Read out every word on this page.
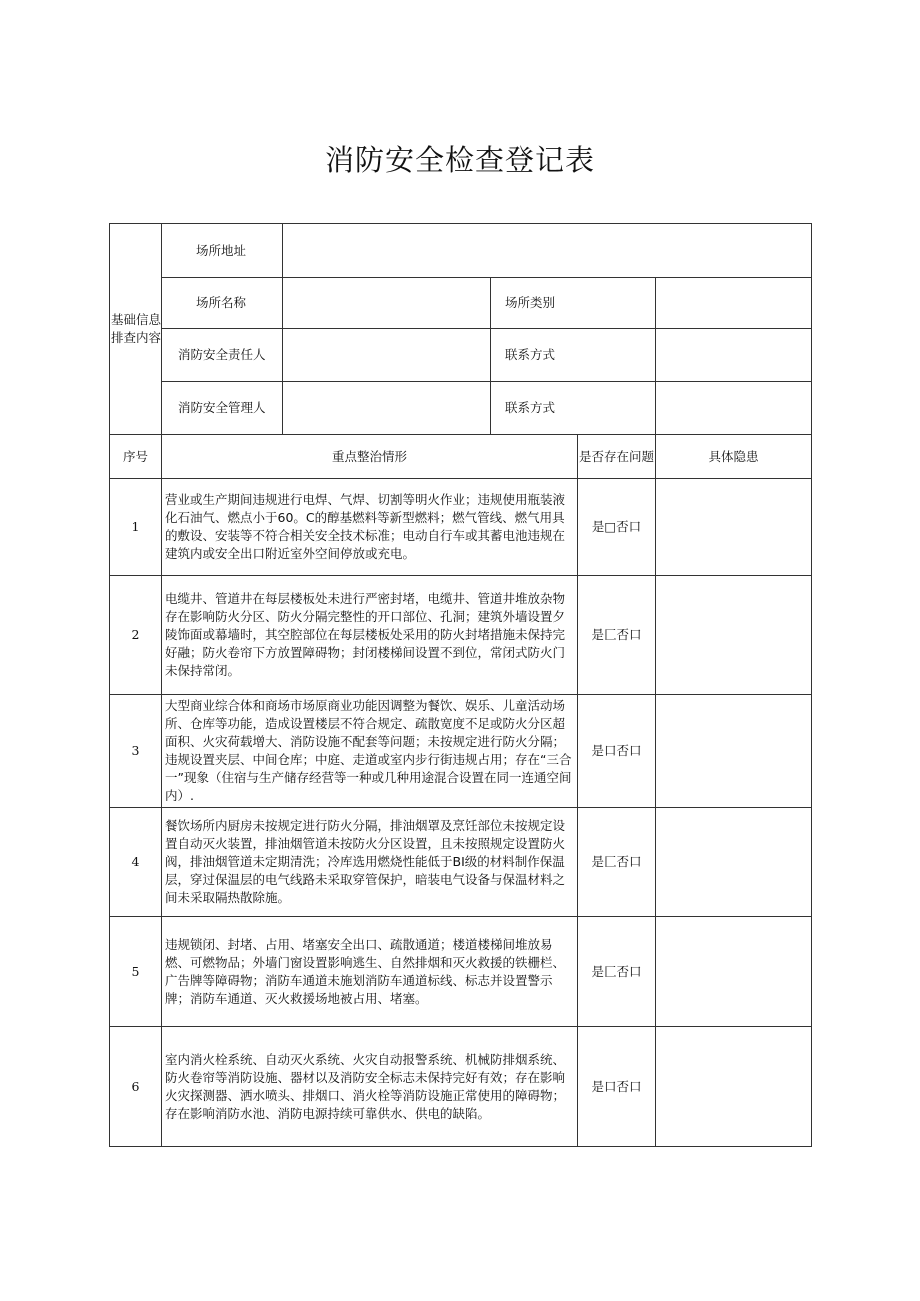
消防安全检查登记表
基础信息排查内容	场所地址				
	场所名称		场所类别		
	消防安全责任人		联系方式		
	消防安全管理人		联系方式		
序号	重点整治情形			是否存在问题	具体隐患
1	营业或生产期间违规进行电焊、气焊、切割等明火作业；违规使用瓶装液化石油气、燃点小于60。C的醇基燃料等新型燃料；燃气管线、燃气用具的敷设、安装等不符合相关安全技术标准；电动自行车或其蓄电池违规在建筑内或安全出口附近室外空间停放或充电。			是□否口	
2	电缆井、管道井在每层楼板处未进行严密封堵，电缆井、管道井堆放杂物存在影响防火分区、防火分隔完整性的开口部位、孔洞；建筑外墙设置夕陵饰面或幕墙时，其空腔部位在每层楼板处采用的防火封堵措施未保持完好融；防火卷帘下方放置障碍物；封闭楼梯间设置不到位，常闭式防火门未保持常闭。			是匚否口	
3	大型商业综合体和商场市场原商业功能因调整为餐饮、娱乐、儿童活动场所、仓库等功能，造成设置楼层不符合规定、疏散宽度不足或防火分区超面积、火灾荷载增大、消防设施不配套等问题；未按规定进行防火分隔；违规设置夹层、中间仓库；中庭、走道或室内步行街违规占用；存在“三合一”现象（住宿与生产储存经营等一种或几种用途混合设置在同一连通空间内）.			是口否口	
4	餐饮场所内厨房未按规定进行防火分隔，排油烟罩及烹饪部位未按规定设置自动灭火装置，排油烟管道未按防火分区设置，且未按照规定设置防火阀，排油烟管道未定期清洗；冷库选用燃烧性能低于BI级的材料制作保温层，穿过保温层的电气线路未采取穿管保护，暗装电气设备与保温材料之间未采取隔热散除施。			是匚否口	
5	违规锁闭、封堵、占用、堵塞安全出口、疏散通道；楼道楼梯间堆放易燃、可燃物品；外墙门窗设置影响逃生、自然排烟和灭火救援的铁栅栏、广告牌等障碍物；消防车通道未施划消防车通道标线、标志并设置警示牌；消防车通道、灭火救援场地被占用、堵塞。			是匚否口	
6	室内消火栓系统、自动灭火系统、火灾自动报警系统、机械防排烟系统、防火卷帘等消防设施、器材以及消防安全标志未保持完好有效；存在影响火灾探测器、洒水喷头、排烟口、消火栓等消防设施正常使用的障碍物；存在影响消防水池、消防电源持续可靠供水、供电的缺陷。			是口否口	
